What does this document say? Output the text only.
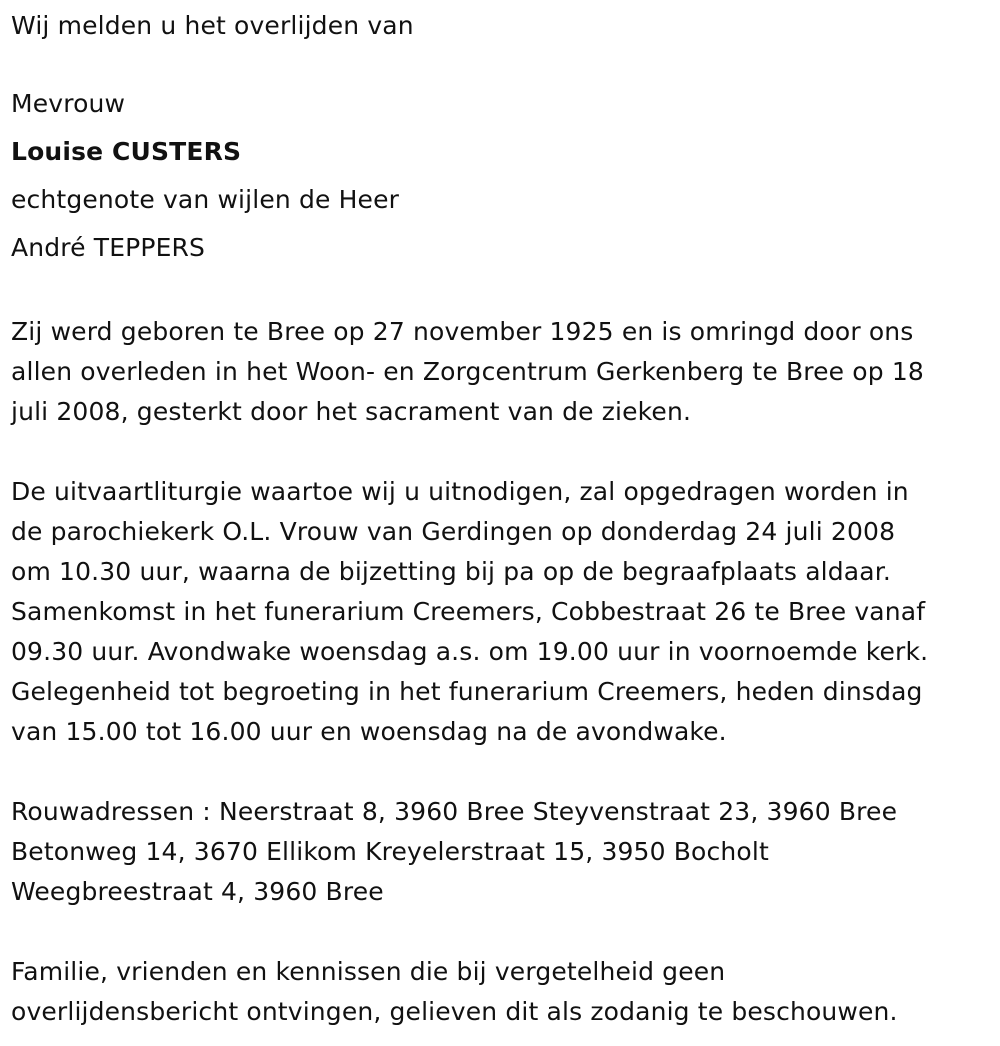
Wij melden u het overlijden van
Mevrouw
Louise CUSTERS
echtgenote van wijlen de Heer
André TEPPERS
Zij werd geboren te Bree op 27 november 1925 en is omringd door ons
allen overleden in het Woon- en Zorgcentrum Gerkenberg te Bree op 18
juli 2008, gesterkt door het sacrament van de zieken.
De uitvaartliturgie waartoe wij u uitnodigen, zal opgedragen worden in
de parochiekerk O.L. Vrouw van Gerdingen op donderdag 24 juli 2008
om 10.30 uur, waarna de bijzetting bij pa op de begraafplaats aldaar.
Samenkomst in het funerarium Creemers, Cobbestraat 26 te Bree vanaf
09.30 uur. Avondwake woensdag a.s. om 19.00 uur in voornoemde kerk.
Gelegenheid tot begroeting in het funerarium Creemers, heden dinsdag
van 15.00 tot 16.00 uur en woensdag na de avondwake.
Rouwadressen : Neerstraat 8, 3960 Bree Steyvenstraat 23, 3960 Bree
Betonweg 14, 3670 Ellikom Kreyelerstraat 15, 3950 Bocholt
Weegbreestraat 4, 3960 Bree
Familie, vrienden en kennissen die bij vergetelheid geen
overlijdensbericht ontvingen, gelieven dit als zodanig te beschouwen.
